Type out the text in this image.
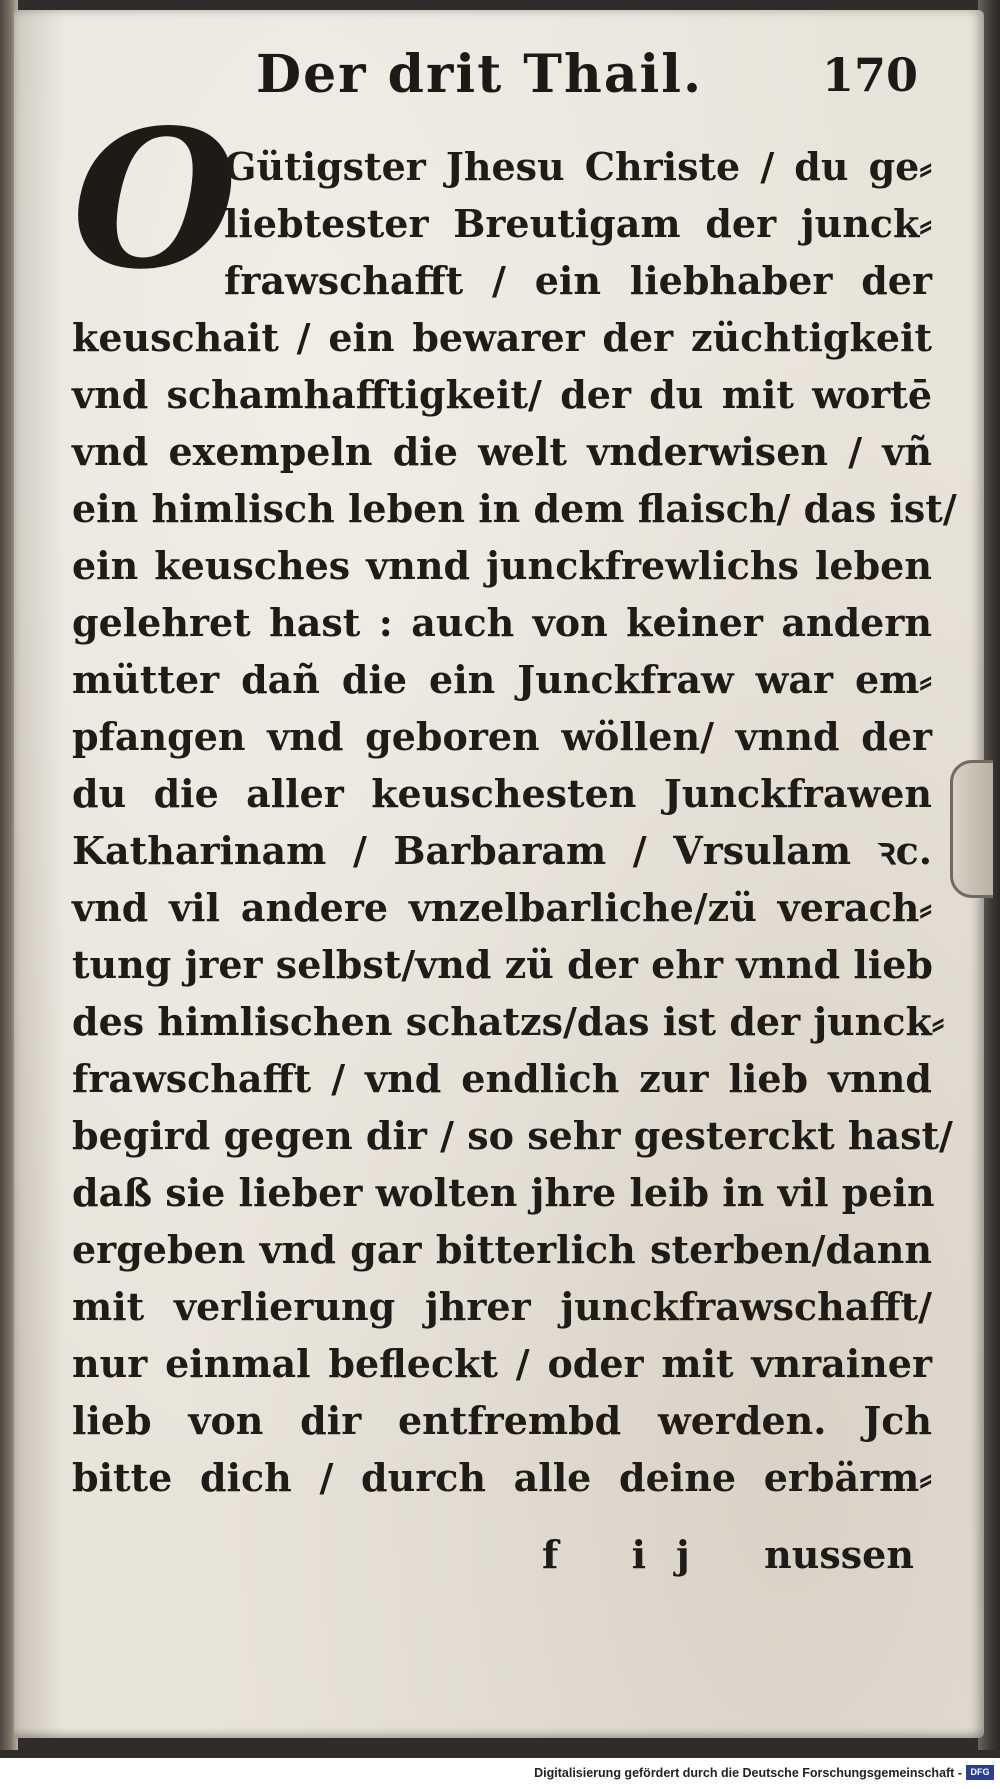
Der drit Thail.	170
O
Gütigster Jhesu Christe / du ge⸗
liebtester Breutigam der junck⸗
frawschafft / ein liebhaber der
keuschait / ein bewarer der züchtigkeit
vnd schamhafftigkeit/ der du mit wortē
vnd exempeln die welt vnderwisen / vñ
ein himlisch leben in dem flaisch/ das ist/
ein keusches vnnd junckfrewlichs leben
gelehret hast : auch von keiner andern
mütter dañ die ein Junckfraw war em⸗
pfangen vnd geboren wöllen/ vnnd der
du die aller keuschesten Junckfrawen
Katharinam / Barbaram / Vrsulam ꝛc.
vnd vil andere vnzelbarliche/zü verach⸗
tung jrer selbst/vnd zü der ehr vnnd lieb
des himlischen schatzs/das ist der junck⸗
frawschafft / vnd endlich zur lieb vnnd
begird gegen dir / so sehr gesterckt hast/
daß sie lieber wolten jhre leib in vil pein
ergeben vnd gar bitterlich sterben/dann
mit verlierung jhrer junckfrawschafft/
nur einmal befleckt / oder mit vnrainer
lieb von dir entfrembd werden. Jch
bitte dich / durch alle deine erbärm⸗
f ij nussen
Digitalisierung gefördert durch die Deutsche Forschungsgemeinschaft - DFG
